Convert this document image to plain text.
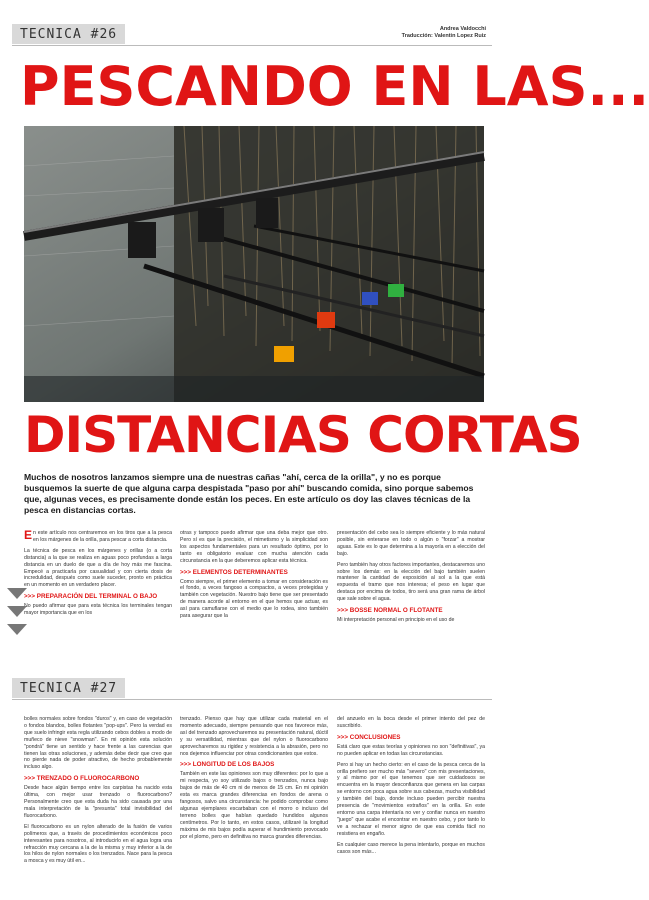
TECNICA #26	Andrea Valdocchi
Traducción: Valentin Lopez Ruiz
PESCANDO EN LAS...
DISTANCIAS CORTAS
Muchos de nosotros lanzamos siempre una de nuestras cañas "ahí, cerca de la orilla", y no es porque busquemos la suerte de que alguna carpa despistada "paso por ahí" buscando comida, sino porque sabemos que, algunas veces, es precisamente donde están los peces. En este artículo os doy las claves técnicas de la pesca en distancias cortas.

En este artículo nos centraremos en los tiros que a la pesca en los márgenes de la orilla, para pescar a corta distancia.

La técnica de pesca en los márgenes y orillas (o a corta distancia) a la que se realiza en aguas poco profundas a larga distancia en un duelo de que a día de hoy más me fascina. Empecé a practicarla por casualidad y con cierta dosis de incredulidad, después como suele suceder, pronto en práctica en un momento en un verdadero placer.

>>> PREPARACIÓN DEL TERMINAL O BAJO

No puedo afirmar que para esta técnica los terminales tengan mayor importancia que en los

otras y tampoco puedo afirmar que una deba mejor que otro. Pero sí es que la precisión, el mimetismo y la simplicidad son los aspectos fundamentales para un resultado óptimo, por lo tanto es obligatorio evaluar con mucha atención cada circunstancia en la que deberemos aplicar esta técnica.

>>> ELEMENTOS DETERMINANTES

Como siempre, el primer elemento a tomar en consideración es el fondo, a veces fangoso a compactos, a veces protegidas y también con vegetación. Nuestro bajo tiene que ser presentado de manera acorde al entorno en el que hemos que actuar, es así para camuflarse con el medio que lo rodea, sino también para asegurar que la

presentación del cebo sea lo siempre eficiente y lo más natural posible, sin enterarse en todo o algún o "forzar" a mostrar aguas. Este es lo que determina a la mayoría en a elección del bajo.

Pero también hay otros factores importantes, destacaremos uno sobre los demás: en la elección del bajo también suelen mantener la cantidad de exposición al sol a la que está expuesta el tramo que nos interesa; el peso en lugar que destaca por encima de todos, tiro será una gran rama de árbol que sale sobre el agua.

>>> BOSSE NORMAL O FLOTANTE

Mi interpretación personal en principio en el uso de

TECNICA #27

bolles normales sobre fondos "duros" y, en caso de vegetación o fondos blandos, bolles flotantes "pop-ups". Pero la verdad es que suelo infringir esta regla utilizando cebos dobles a modo de muñeco de nieve "snowman". En mi opinión esta solución "pondrá" tiene un sentido y hace frente a las carencias que tienen las otras soluciones, y además debe decir que creo que no pierde nada de poder atractivo, de hecho probablemente incluso algo.

>>> TRENZADO O FLUOROCARBONO

Desde hace algún tiempo entre los carpistas ha nacido esta última, con mejor usar trenzado o fluorocarbono? Personalmente creo que esta duda ha sido causada por una mala interpretación de la "presunta" total invisibilidad del fluorocarbono.

El fluorocarbono es un nylon alterado de la fusión de varios polímeros que, a través de procedimientos económicos poco interesantes para nosotros, al introducirlo en el agua logra una refracción muy cercana a la de la misma y muy inferior a la de los hilos de nylon normales o los trenzados. Nace para la pesca a mosca y es muy útil en...

trenzado. Pienso que hay que utilizar cada material en el momento adecuado, siempre pensando que nos favorece más, así del trenzado aprovecharemos su presentación natural, dúctil y su versatilidad, mientras que del nylon o fluorocarbono aprovecharemos su rigidez y resistencia a la abrasión, pero no nos dejemos influenciar por otras condicionantes que estos.

>>> LONGITUD DE LOS BAJOS

También en este las opiniones son muy diferentes: por lo que a mi respecta, yo soy utilizado bajos o trenzados, nunca bajo bajos de más de 40 cm ni de menos de 15 cm. En mi opinión esta es marca grandes diferencias en fondos de arena o fangosos, salvo una circunstancia: he podido comprobar como algunas ejemplares escarbaban con el morro o incluso del terreno bolles que habían quedado hundidos algunos centímetros. Por lo tanto, en estos casos, utilizaré la longitud máxima de mis bajos podía superar el hundimiento provocado por el plomo, pero en definitiva no marca grandes diferencias.

del anzuelo en la boca desde el primer intento del pez de suscribirlo.

>>> CONCLUSIONES

Está claro que estas teorías y opiniones no son "definitivas", ya no pueden aplicar en todas las circunstancias.

Pero si hay un hecho cierto: en el caso de la pesca cerca de la orilla prefiero ser mucho más "severo" con mis presentaciones, y al mismo por el que tenemos que ser cuidadosos se encuentra en la mayor desconfianza que genera en las carpas se entorno con poca agua sobre sus cabezas, mucha visibilidad y también del bajo, donde incluso pueden percibir nuestra presencia de "movimientos extraños" en la orilla. En este entorno una carpa intentaría no ver y confiar nunca en nuestro "juego" que acabe el encontrar en nuestro cebo, y por tanto lo ve a rechazar el menor signo de que esa comida fácil no resistiera en engaño.

En cualquier caso merece la pena intentarlo, porque en muchos casos son más...
